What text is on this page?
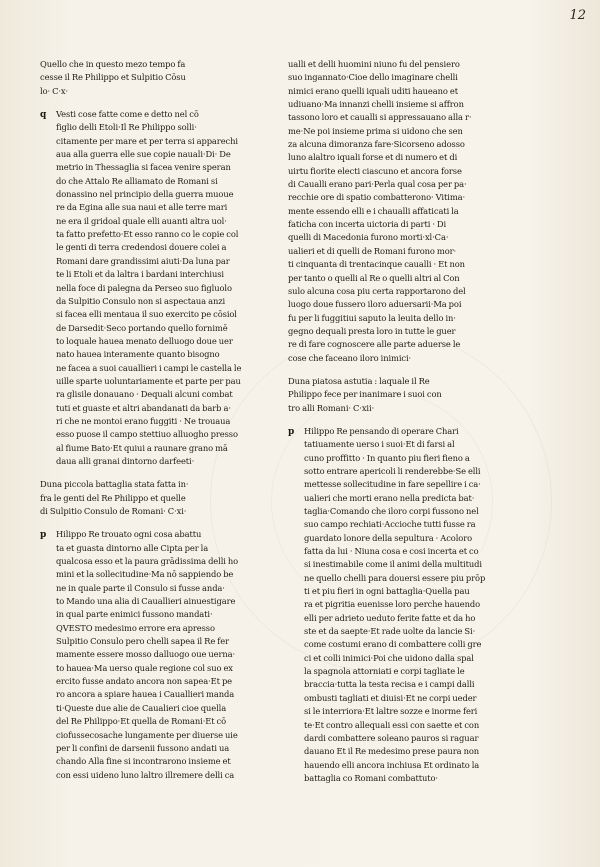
12
Quello che in questo mezo tempo fa
cesse il Re Philippo et Sulpitio Cōsu
lo· C·x·
q Vesti cose fatte come e detto nel cō
figlio delli Etoli·Il Re Philippo solli·
citamente per mare et per terra si apparechi
aua alla guerra elle sue copie nauali·Di· De
metrio in Thessaglia si facea venire speran
do che Attalo Re alliamato de Romani si
donassino nel principio della guerra muoue
re da Egina alle sua naui et alle terre mari
ne era il gridoal quale elli auanti altra uol·
ta fatto prefetto·Et esso ranno co le copie col
le genti di terra credendosi douere colei a
Romani dare grandissimi aiuti·Da luna par
te li Etoli et da laltra i bardani interchiusi
nella foce di palegna da Perseo suo figluolo
da Sulpitio Consulo non si aspectaua anzi
si facea elli mentaua il suo exercito pe cōsiol
de Darsedit·Seco portando quello fornimē
to loquale hauea menato delluogo doue uer
nato hauea interamente quanto bisogno
ne facea a suoi cauallieri i campi le castella le
uille sparte uoluntariamente et parte per pau
ra glisile donauano · Dequali alcuni combat
tuti et guaste et altri abandanati da barb a·
ri che ne montoi erano fuggiti · Ne trouaua
esso puose il campo stettiuo alluogho presso
al fiume Bato·Et quiui a raunare grano mā
daua alli granai dintorno darfeeti·
Duna piccola battaglia stata fatta in·
fra le genti del Re Philippo et quelle
di Sulpitio Consulo de Romani· C·xi·
p Hilippo Re trouato ogni cosa abattu
ta et guasta dintorno alle Cipta per la
qualcosa esso et la paura grādissima delli ho
mini et la sollecitudine·Ma nō sappiendo be
ne in quale parte il Consulo si fusse anda·
to Mando una alia di Cauallieri ainuestigare
in qual parte enimici fussono mandati·
QVESTO medesimo errore era apresso
Sulpitio Consulo pero chelli sapea il Re fer
mamente essere mosso dalluogo oue uerna·
to hauea·Ma uerso quale regione col suo ex
ercito fusse andato ancora non sapea·Et pe
ro ancora a spiare hauea i Cauallieri manda
ti·Queste due alie de Caualieri cioe quella
del Re Philippo·Et quella de Romani·Et cō
ciofussecosache lungamente per diuerse uie
per li confini de darsenii fussono andati ua
chando Alla fine si incontrarono insieme et
con essi uideno luno laltro illremere delli ca
ualli et delli huomini niuno fu del pensiero
suo ingannato·Cioe dello imaginare chelli
nimici erano quelli iquali uditi haueano et
udiuano·Ma innanzi chelli insieme si affron
tassono loro et caualli si appressauano alla r·
me·Ne poi insieme prima si uidono che sen
za alcuna dimoranza fare·Sicorseno adosso
luno alaltro iquali forse et di numero et di
uirtu fiorite electi ciascuno et ancora forse
di Caualli erano pari·Perla qual cosa per pa·
recchie ore di spatio combatterono· Vitima·
mente essendo elli e i chaualli affaticati la
faticha con incerta uictoria di parti · Di
quelli di Macedonia furono morti·xl·Ca·
ualieri et di quelli de Romani furono mor·
ti cinquanta di trentacinque caualli · Et non
per tanto o quelli al Re o quelli altri al Con
sulo alcuna cosa piu certa rapportarono del
luogo doue fussero iloro aduersarii·Ma poi
fu per li fuggitiui saputo la leuita dello in·
gegno dequali presta loro in tutte le guer
re di fare cognoscere alle parte aduerse le
cose che faceano iloro inimici·
Duna piatosa astutia : laquale il Re
Philippo fece per inanimare i suoi con
tro alli Romani· C·xii·
p Hilippo Re pensando di operare Chari
tatiuamente uerso i suoi·Et di farsi al
cuno proffitto · In quanto piu fieri fieno a
sotto entrare apericoli li renderebbe·Se elli
mettesse sollecitudine in fare sepellire i ca·
ualieri che morti erano nella predicta bat·
taglia·Comando che iloro corpi fussono nel
suo campo rechiati·Accioche tutti fusse ra
guardato lonore della sepultura · Acoloro
fatta da lui · Niuna cosa e cosi incerta et co
si inestimabile come il animi della multitudi
ne quello chelli para douersi essere piu prōp
ti et piu fieri in ogni battaglia·Quella pau
ra et pigritia euenisse loro perche hauendo
elli per adrieto ueduto ferite fatte et da ho
ste et da saepte·Et rade uolte da lancie Si·
come costumi erano di combattere colli gre
ci et colli inimici·Poi che uidono dalla spal
la spagnola attorniati e corpi tagliate le
braccia·tutta la testa recisa e i campi dalli
ombusti tagliati et diuisi·Et ne corpi ueder
si le interriora·Et laltre sozze e inorme feri
te·Et contro allequali essi con saette et con
dardi combattere soleano pauros si raguar
dauano Et il Re medesimo prese paura non
hauendo elli ancora inchiusa Et ordinato la
battaglia co Romani combattuto·
